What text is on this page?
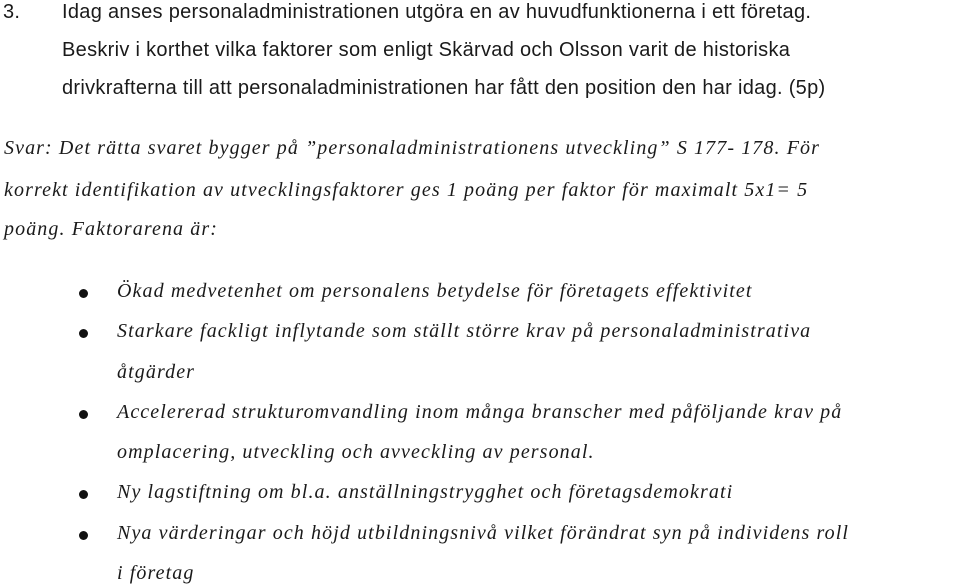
3. Idag anses personaladministrationen utgöra en av huvudfunktionerna i ett företag.
Beskriv i korthet vilka faktorer som enligt Skärvad och Olsson varit de historiska
drivkrafterna till att personaladministrationen har fått den position den har idag. (5p)
Svar: Det rätta svaret bygger på ”personaladministrationens utveckling” S 177- 178. För
korrekt identifikation av utvecklingsfaktorer ges 1 poäng per faktor för maximalt 5x1= 5
poäng. Faktorarena är:
Ökad medvetenhet om personalens betydelse för företagets effektivitet
Starkare fackligt inflytande som ställt större krav på personaladministrativa
åtgärder
Accelererad strukturomvandling inom många branscher med påföljande krav på
omplacering, utveckling och avveckling av personal.
Ny lagstiftning om bl.a. anställningstrygghet och företagsdemokrati
Nya värderingar och höjd utbildningsnivå vilket förändrat syn på individens roll
i företag
